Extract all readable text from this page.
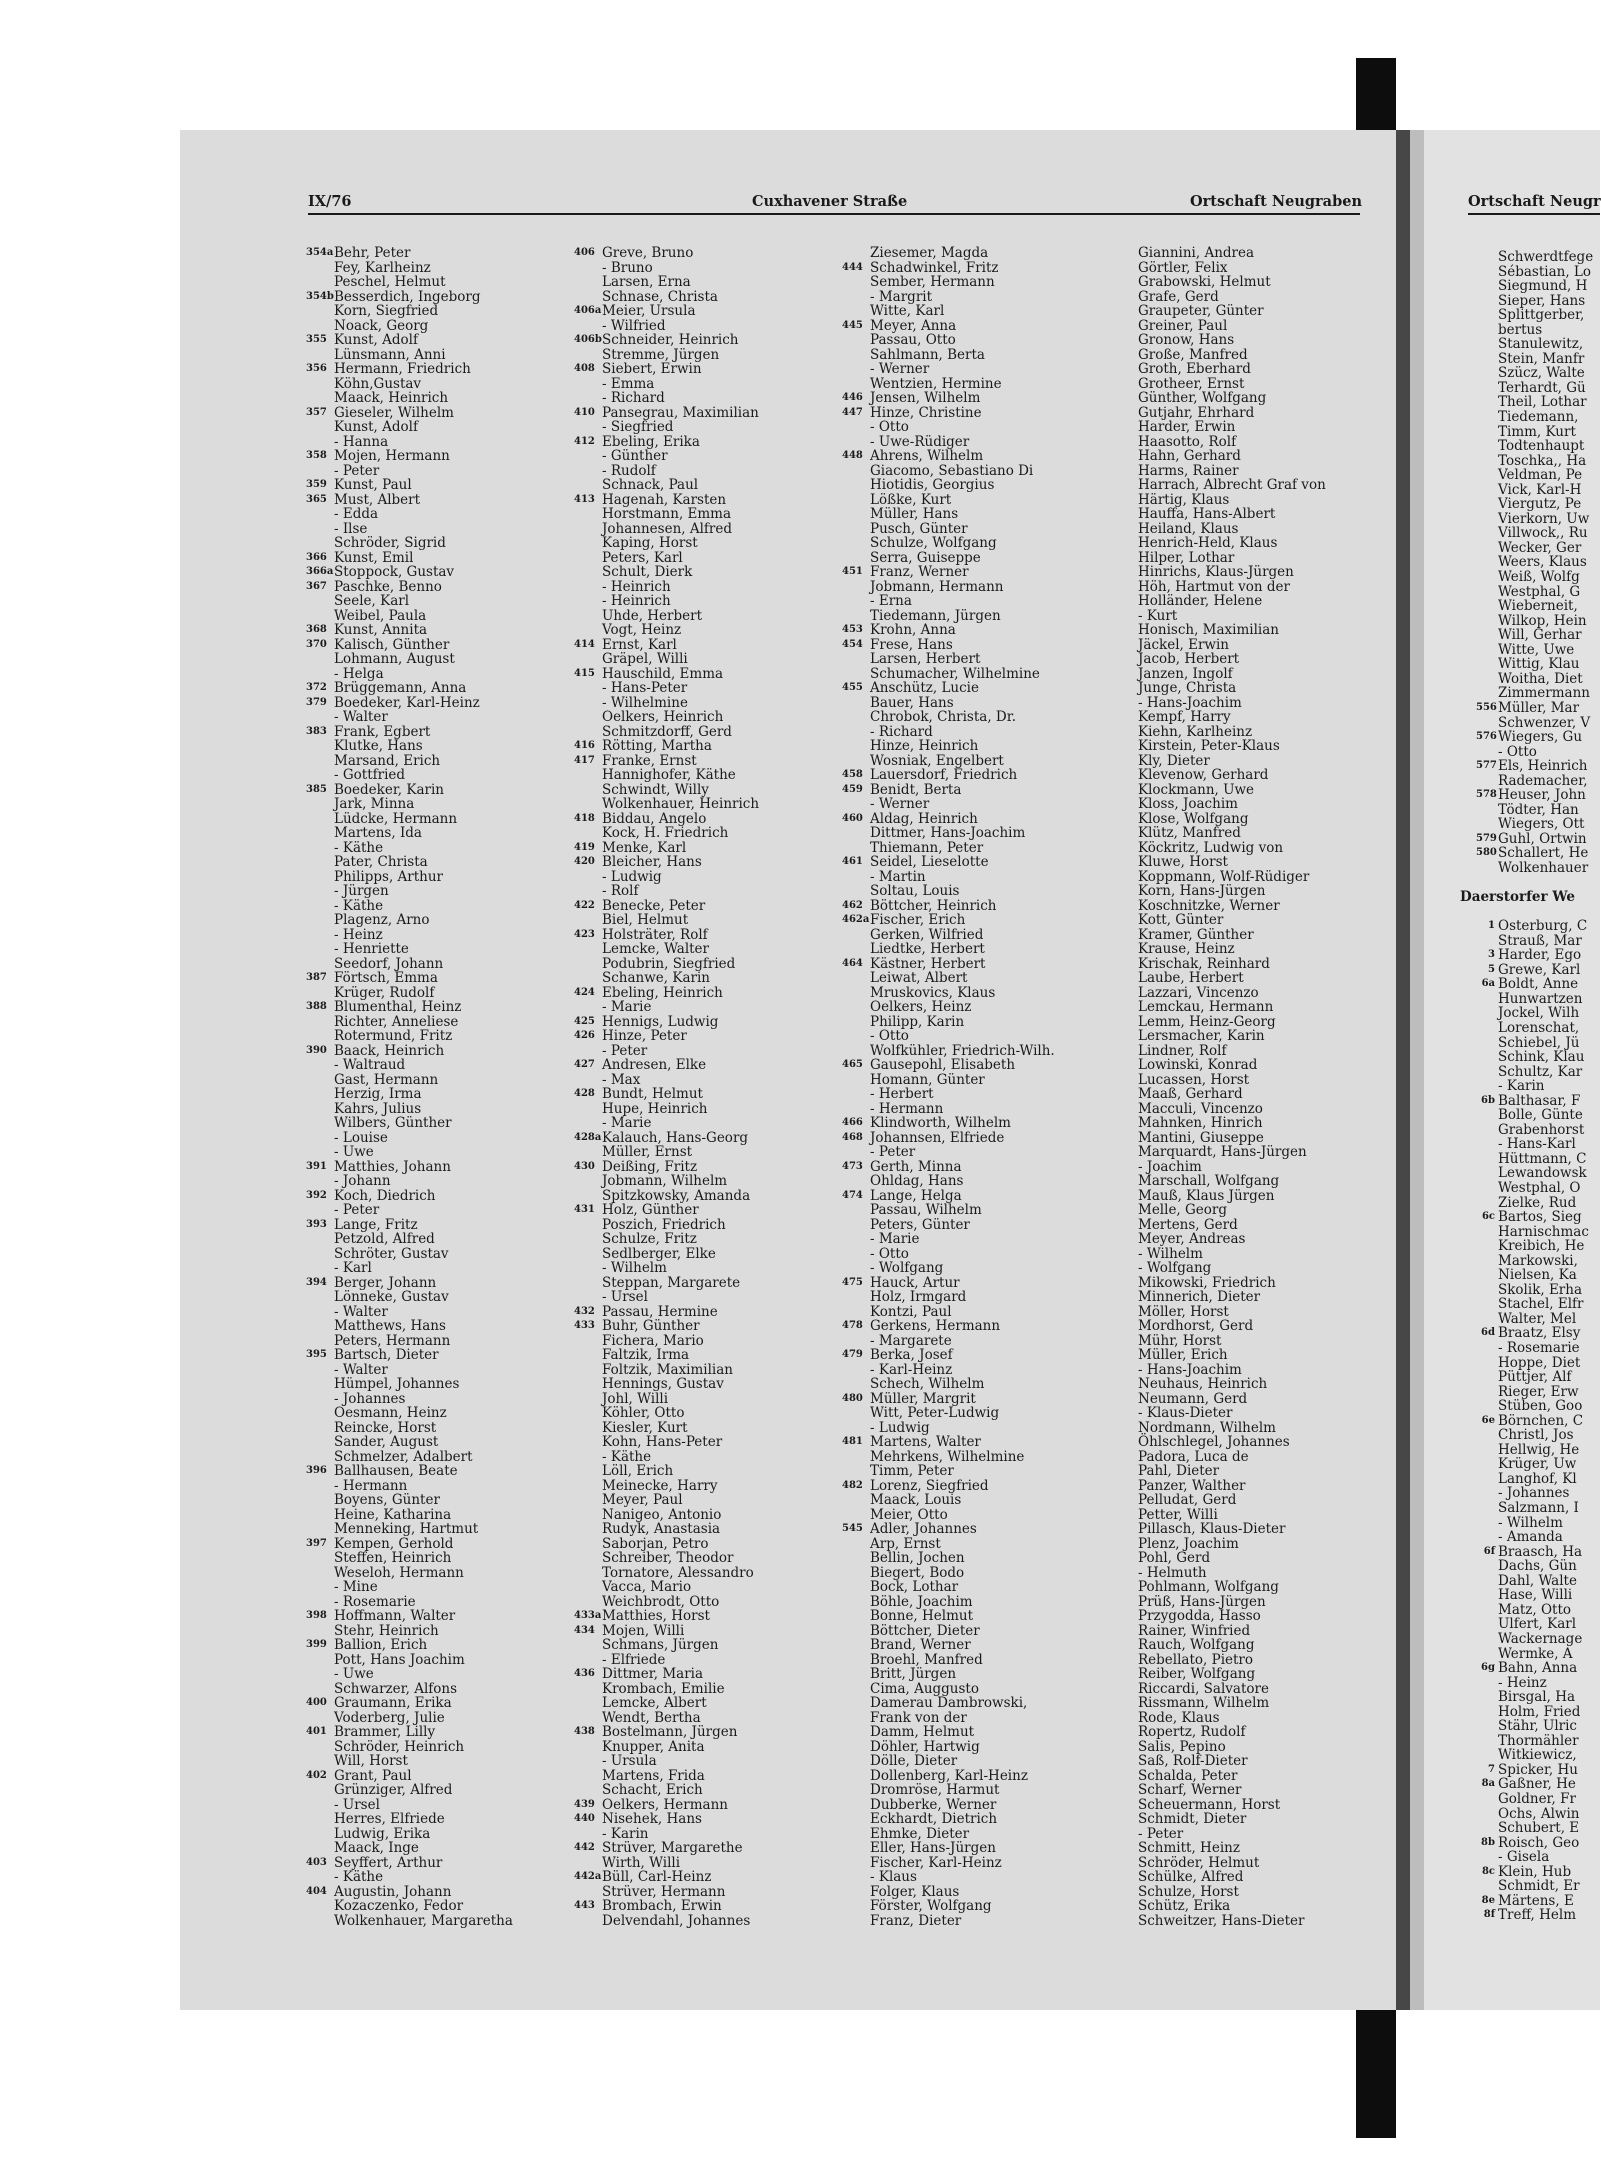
IX/76	Cuxhavener Straße	Ortschaft Neugraben	Ortschaft Neugr
354a Behr, Peter
Fey, Karlheinz
Peschel, Helmut
354b Besserdich, Ingeborg
Korn, Siegfried
Noack, Georg
355 Kunst, Adolf
Lünsmann, Anni
356 Hermann, Friedrich
Köhn,Gustav
Maack, Heinrich
357 Gieseler, Wilhelm
Kunst, Adolf
- Hanna
358 Mojen, Hermann
- Peter
359 Kunst, Paul
365 Must, Albert
- Edda
- Ilse
Schröder, Sigrid
366 Kunst, Emil
366a Stoppock, Gustav
367 Paschke, Benno
Seele, Karl
Weibel, Paula
368 Kunst, Annita
370 Kalisch, Günther
Lohmann, August
- Helga
372 Brüggemann, Anna
379 Boedeker, Karl-Heinz
- Walter
383 Frank, Egbert
Klutke, Hans
Marsand, Erich
- Gottfried
385 Boedeker, Karin
Jark, Minna
Lüdcke, Hermann
Martens, Ida
- Käthe
Pater, Christa
Philipps, Arthur
- Jürgen
- Käthe
Plagenz, Arno
- Heinz
- Henriette
Seedorf, Johann
387 Förtsch, Emma
Krüger, Rudolf
388 Blumenthal, Heinz
Richter, Anneliese
Rotermund, Fritz
390 Baack, Heinrich
- Waltraud
Gast, Hermann
Herzig, Irma
Kahrs, Julius
Wilbers, Günther
- Louise
- Uwe
391 Matthies, Johann
- Johann
392 Koch, Diedrich
- Peter
393 Lange, Fritz
Petzold, Alfred
Schröter, Gustav
- Karl
394 Berger, Johann
Lönneke, Gustav
- Walter
Matthews, Hans
Peters, Hermann
395 Bartsch, Dieter
- Walter
Hümpel, Johannes
- Johannes
Oesmann, Heinz
Reincke, Horst
Sander, August
Schmelzer, Adalbert
396 Ballhausen, Beate
- Hermann
Boyens, Günter
Heine, Katharina
Menneking, Hartmut
397 Kempen, Gerhold
Steffen, Heinrich
Weseloh, Hermann
- Mine
- Rosemarie
398 Hoffmann, Walter
Stehr, Heinrich
399 Ballion, Erich
Pott, Hans Joachim
- Uwe
Schwarzer, Alfons
400 Graumann, Erika
Voderberg, Julie
401 Brammer, Lilly
Schröder, Heinrich
Will, Horst
402 Grant, Paul
Grünziger, Alfred
- Ursel
Herres, Elfriede
Ludwig, Erika
Maack, Inge
403 Seyffert, Arthur
- Käthe
404 Augustin, Johann
Kozaczenko, Fedor
Wolkenhauer, Margaretha
406 Greve, Bruno
- Bruno
Larsen, Erna
Schnase, Christa
406a Meier, Ursula
- Wilfried
406b Schneider, Heinrich
Stremme, Jürgen
408 Siebert, Erwin
- Emma
- Richard
410 Pansegrau, Maximilian
- Siegfried
412 Ebeling, Erika
- Günther
- Rudolf
Schnack, Paul
413 Hagenah, Karsten
Horstmann, Emma
Johannesen, Alfred
Kaping, Horst
Peters, Karl
Schult, Dierk
- Heinrich
- Heinrich
Uhde, Herbert
Vogt, Heinz
414 Ernst, Karl
Gräpel, Willi
415 Hauschild, Emma
- Hans-Peter
- Wilhelmine
Oelkers, Heinrich
Schmitzdorff, Gerd
416 Rötting, Martha
417 Franke, Ernst
Hannighofer, Käthe
Schwindt, Willy
Wolkenhauer, Heinrich
418 Biddau, Angelo
Kock, H. Friedrich
419 Menke, Karl
420 Bleicher, Hans
- Ludwig
- Rolf
422 Benecke, Peter
Biel, Helmut
423 Holsträter, Rolf
Lemcke, Walter
Podubrin, Siegfried
Schanwe, Karin
424 Ebeling, Heinrich
- Marie
425 Hennigs, Ludwig
426 Hinze, Peter
- Peter
427 Andresen, Elke
- Max
428 Bundt, Helmut
Hupe, Heinrich
- Marie
428a Kalauch, Hans-Georg
Müller, Ernst
430 Deißing, Fritz
Jobmann, Wilhelm
Spitzkowsky, Amanda
431 Holz, Günther
Poszich, Friedrich
Schulze, Fritz
Sedlberger, Elke
- Wilhelm
Steppan, Margarete
- Ursel
432 Passau, Hermine
433 Buhr, Günther
Fichera, Mario
Faltzik, Irma
Foltzik, Maximilian
Hennings, Gustav
Johl, Willi
Köhler, Otto
Kiesler, Kurt
Kohn, Hans-Peter
- Käthe
Löll, Erich
Meinecke, Harry
Meyer, Paul
Nanigeo, Antonio
Rudyk, Anastasia
Saborjan, Petro
Schreiber, Theodor
Tornatore, Alessandro
Vacca, Mario
Weichbrodt, Otto
433a Matthies, Horst
434 Mojen, Willi
Schmans, Jürgen
- Elfriede
436 Dittmer, Maria
Krombach, Emilie
Lemcke, Albert
Wendt, Bertha
438 Bostelmann, Jürgen
Knupper, Anita
- Ursula
Martens, Frida
Schacht, Erich
439 Oelkers, Hermann
440 Nisehek, Hans
- Karin
442 Strüver, Margarethe
Wirth, Willi
442a Büll, Carl-Heinz
Strüver, Hermann
443 Brombach, Erwin
Delvendahl, Johannes
Ziesemer, Magda
444 Schadwinkel, Fritz
Sember, Hermann
- Margrit
Witte, Karl
445 Meyer, Anna
Passau, Otto
Sahlmann, Berta
- Werner
Wentzien, Hermine
446 Jensen, Wilhelm
447 Hinze, Christine
- Otto
- Uwe-Rüdiger
448 Ahrens, Wilhelm
Giacomo, Sebastiano Di
Hiotidis, Georgius
Lößke, Kurt
Müller, Hans
Pusch, Günter
Schulze, Wolfgang
Serra, Guiseppe
451 Franz, Werner
Jobmann, Hermann
- Erna
Tiedemann, Jürgen
453 Krohn, Anna
454 Frese, Hans
Larsen, Herbert
Schumacher, Wilhelmine
455 Anschütz, Lucie
Bauer, Hans
Chrobok, Christa, Dr.
- Richard
Hinze, Heinrich
Wosniak, Engelbert
458 Lauersdorf, Friedrich
459 Benidt, Berta
- Werner
460 Aldag, Heinrich
Dittmer, Hans-Joachim
Thiemann, Peter
461 Seidel, Lieselotte
- Martin
Soltau, Louis
462 Böttcher, Heinrich
462a Fischer, Erich
Gerken, Wilfried
Liedtke, Herbert
464 Kästner, Herbert
Leiwat, Albert
Mruskovics, Klaus
Oelkers, Heinz
Philipp, Karin
- Otto
Wolfkühler, Friedrich-Wilh.
465 Gausepohl, Elisabeth
Homann, Günter
- Herbert
- Hermann
466 Klindworth, Wilhelm
468 Johannsen, Elfriede
- Peter
473 Gerth, Minna
Ohldag, Hans
474 Lange, Helga
Passau, Wilhelm
Peters, Günter
- Marie
- Otto
- Wolfgang
475 Hauck, Artur
Holz, Irmgard
Kontzi, Paul
478 Gerkens, Hermann
- Margarete
479 Berka, Josef
- Karl-Heinz
Schech, Wilhelm
480 Müller, Margrit
Witt, Peter-Ludwig
- Ludwig
481 Martens, Walter
Mehrkens, Wilhelmine
Timm, Peter
482 Lorenz, Siegfried
Maack, Louis
Meier, Otto
545 Adler, Johannes
Arp, Ernst
Bellin, Jochen
Biegert, Bodo
Bock, Lothar
Böhle, Joachim
Bonne, Helmut
Böttcher, Dieter
Brand, Werner
Broehl, Manfred
Britt, Jürgen
Cima, Auggusto
Damerau Dambrowski,
Frank von der
Damm, Helmut
Döhler, Hartwig
Dölle, Dieter
Dollenberg, Karl-Heinz
Dromröse, Harmut
Dubberke, Werner
Eckhardt, Dietrich
Ehmke, Dieter
Eller, Hans-Jürgen
Fischer, Karl-Heinz
- Klaus
Folger, Klaus
Förster, Wolfgang
Franz, Dieter
Giannini, Andrea
Görtler, Felix
Grabowski, Helmut
Grafe, Gerd
Graupeter, Günter
Greiner, Paul
Gronow, Hans
Große, Manfred
Groth, Eberhard
Grotheer, Ernst
Günther, Wolfgang
Gutjahr, Ehrhard
Harder, Erwin
Haasotto, Rolf
Hahn, Gerhard
Harms, Rainer
Harrach, Albrecht Graf von
Härtig, Klaus
Hauffa, Hans-Albert
Heiland, Klaus
Henrich-Held, Klaus
Hilper, Lothar
Hinrichs, Klaus-Jürgen
Höh, Hartmut von der
Holländer, Helene
- Kurt
Honisch, Maximilian
Jäckel, Erwin
Jacob, Herbert
Janzen, Ingolf
Junge, Christa
- Hans-Joachim
Kempf, Harry
Kiehn, Karlheinz
Kirstein, Peter-Klaus
Kly, Dieter
Klevenow, Gerhard
Klockmann, Uwe
Kloss, Joachim
Klose, Wolfgang
Klütz, Manfred
Köckritz, Ludwig von
Kluwe, Horst
Koppmann, Wolf-Rüdiger
Korn, Hans-Jürgen
Koschnitzke, Werner
Kott, Günter
Kramer, Günther
Krause, Heinz
Krischak, Reinhard
Laube, Herbert
Lazzari, Vincenzo
Lemckau, Hermann
Lemm, Heinz-Georg
Lersmacher, Karin
Lindner, Rolf
Lowinski, Konrad
Lucassen, Horst
Maaß, Gerhard
Macculi, Vincenzo
Mahnken, Hinrich
Mantini, Giuseppe
Marquardt, Hans-Jürgen
- Joachim
Marschall, Wolfgang
Mauß, Klaus Jürgen
Melle, Georg
Mertens, Gerd
Meyer, Andreas
- Wilhelm
- Wolfgang
Mikowski, Friedrich
Minnerich, Dieter
Möller, Horst
Mordhorst, Gerd
Mühr, Horst
Müller, Erich
- Hans-Joachim
Neuhaus, Heinrich
Neumann, Gerd
- Klaus-Dieter
Nordmann, Wilhelm
Öhlschlegel, Johannes
Padora, Luca de
Pahl, Dieter
Panzer, Walther
Pelludat, Gerd
Petter, Willi
Pillasch, Klaus-Dieter
Plenz, Joachim
Pohl, Gerd
- Helmuth
Pohlmann, Wolfgang
Prüß, Hans-Jürgen
Przygodda, Hasso
Rainer, Winfried
Rauch, Wolfgang
Rebellato, Pietro
Reiber, Wolfgang
Riccardi, Salvatore
Rissmann, Wilhelm
Rode, Klaus
Ropertz, Rudolf
Salis, Pepino
Saß, Rolf-Dieter
Schalda, Peter
Scharf, Werner
Scheuermann, Horst
Schmidt, Dieter
- Peter
Schmitt, Heinz
Schröder, Helmut
Schülke, Alfred
Schulze, Horst
Schütz, Erika
Schweitzer, Hans-Dieter
Schwerdtfege
Sébastian, Lo
Siegmund, H
Sieper, Hans
Splittgerber,
bertus
Stanulewitz,
Stein, Manfr
Szücz, Walte
Terhardt, Gü
Theil, Lothar
Tiedemann,
Timm, Kurt
Todtenhaupt
Toschka,, Ha
Veldman, Pe
Vick, Karl-H
Viergutz, Pe
Vierkorn, Uw
Villwock,, Ru
Wecker, Ger
Weers, Klaus
Weiß, Wolfg
Westphal, G
Wieberneit,
Wilkop, Hein
Will, Gerhar
Witte, Uwe
Wittig, Klau
Woitha, Diet
Zimmermann
556 Müller, Mar
Schwenzer, V
576 Wiegers, Gu
- Otto
577 Els, Heinrich
Rademacher,
578 Heuser, John
Tödter, Han
Wiegers, Ott
579 Guhl, Ortwin
580 Schallert, He
Wolkenhauer
Daerstorfer We
1 Osterburg, C
Strauß, Mar
3 Harder, Ego
5 Grewe, Karl
6a Boldt, Anne
Hunwartzen
Jockel, Wilh
Lorenschat,
Schiebel, Jü
Schink, Klau
Schultz, Kar
- Karin
6b Balthasar, F
Bolle, Günte
Grabenhorst
- Hans-Karl
Hüttmann, C
Lewandowsk
Westphal, O
Zielke, Rud
6c Bartos, Sieg
Harnischmac
Kreibich, He
Markowski,
Nielsen, Ka
Skolik, Erha
Stachel, Elfr
Walter, Mel
6d Braatz, Elsy
- Rosemarie
Hoppe, Diet
Püttjer, Alf
Rieger, Erw
Stüben, Goo
6e Börnchen, C
Christl, Jos
Hellwig, He
Krüger, Uw
Langhof, Kl
- Johannes
Salzmann, I
- Wilhelm
- Amanda
6f Braasch, Ha
Dachs, Gün
Dahl, Walte
Hase, Willi
Matz, Otto
Ulfert, Karl
Wackernage
Wermke, A
6g Bahn, Anna
- Heinz
Birsgal, Ha
Holm, Fried
Stähr, Ulric
Thormähler
Witkiewicz,
7 Spicker, Hu
8a Gaßner, He
Goldner, Fr
Ochs, Alwin
Schubert, E
8b Roisch, Geo
- Gisela
8c Klein, Hub
Schmidt, Er
8e Märtens, E
8f Treff, Helm
